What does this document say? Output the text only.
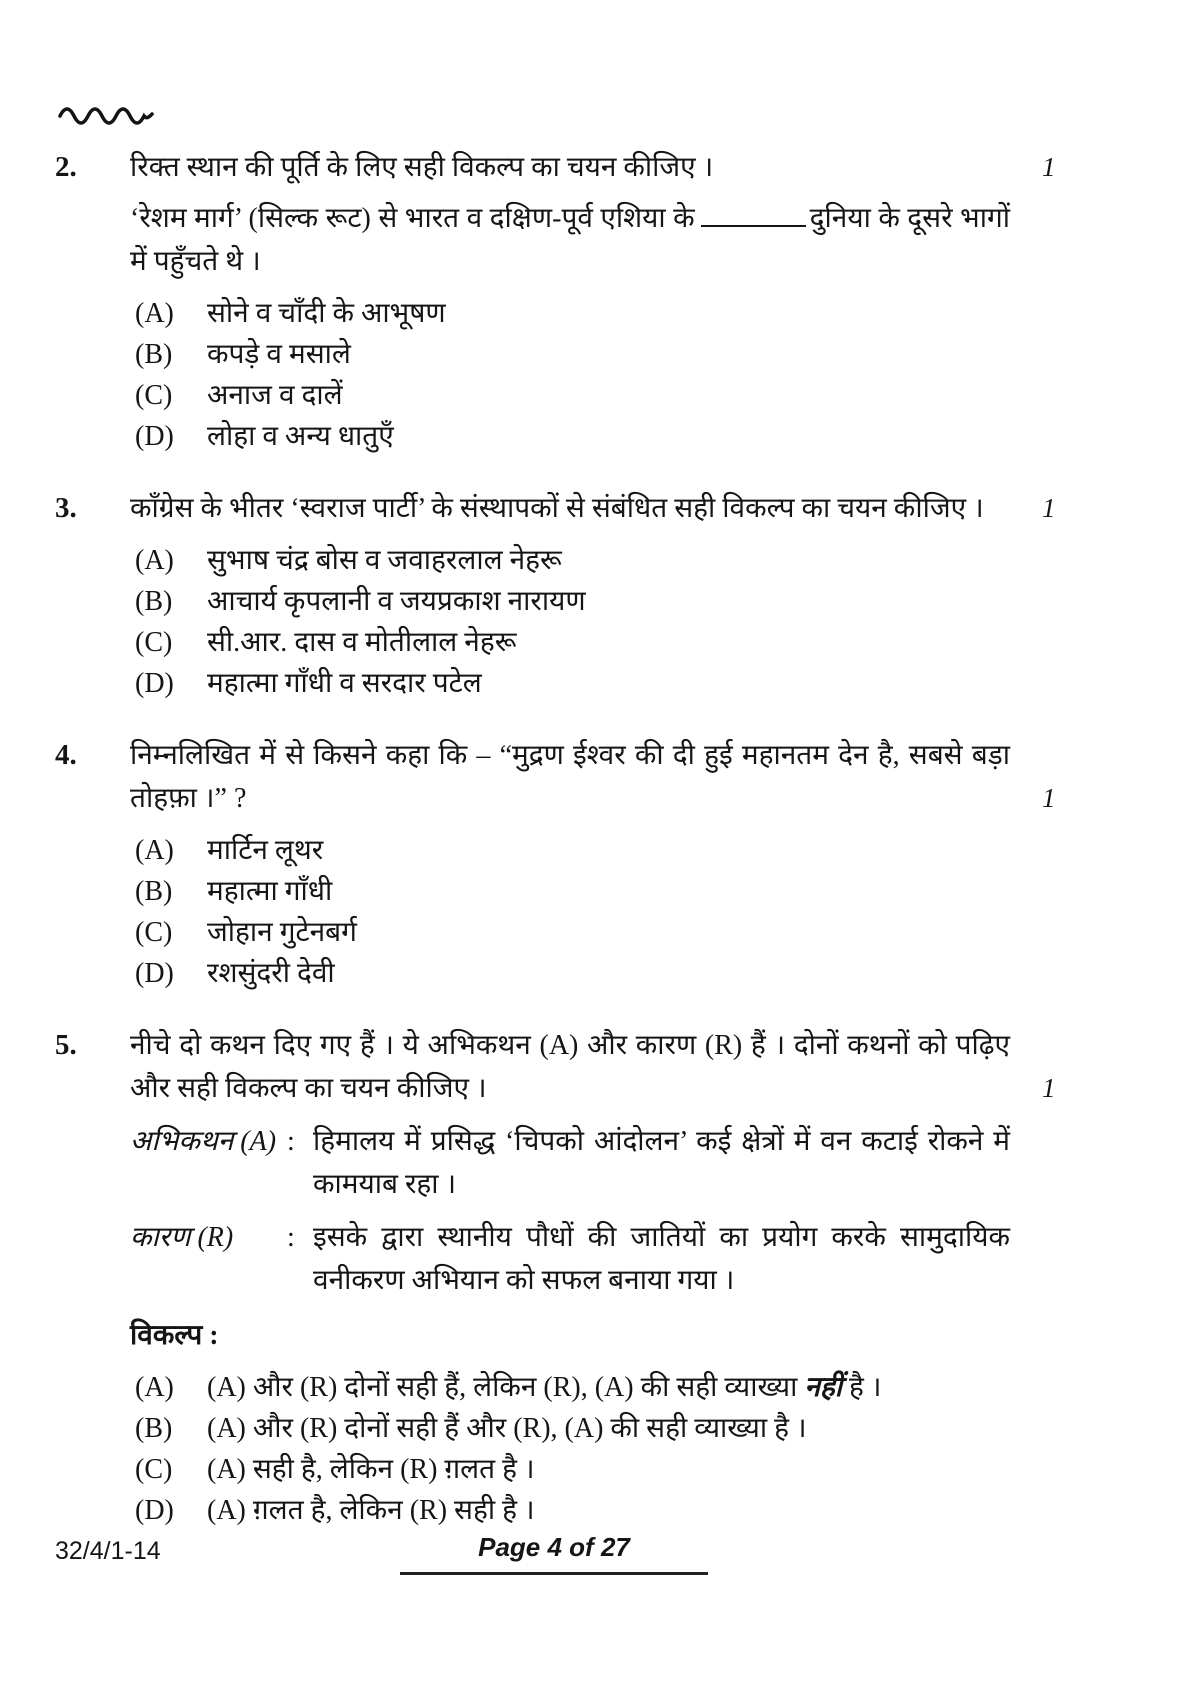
2.	रिक्त स्थान की पूर्ति के लिए सही विकल्प का चयन कीजिए ।

‘रेशम मार्ग’ (सिल्क रूट) से भारत व दक्षिण-पूर्व एशिया के	दुनिया के दूसरे भागों में पहुँचते थे ।

(A)	सोने व चाँदी के आभूषण
(B)	कपड़े व मसाले
(C)	अनाज व दालें
(D)	लोहा व अन्य धातुएँ
1
3.	काँग्रेस के भीतर ‘स्वराज पार्टी’ के संस्थापकों से संबंधित सही विकल्प का चयन कीजिए ।

(A)	सुभाष चंद्र बोस व जवाहरलाल नेहरू
(B)	आचार्य कृपलानी व जयप्रकाश नारायण
(C)	सी.आर. दास व मोतीलाल नेहरू
(D)	महात्मा गाँधी व सरदार पटेल
1
4.	निम्नलिखित में से किसने कहा कि – “मुद्रण ईश्वर की दी हुई महानतम देन है, सबसे बड़ा तोहफ़ा ।” ?

(A)	मार्टिन लूथर
(B)	महात्मा गाँधी
(C)	जोहान गुटेनबर्ग
(D)	रशसुंदरी देवी
1
5.	नीचे दो कथन दिए गए हैं । ये अभिकथन (A) और कारण (R) हैं । दोनों कथनों को पढ़िए और सही विकल्प का चयन कीजिए ।

अभिकथन (A) : हिमालय में प्रसिद्ध ‘चिपको आंदोलन’ कई क्षेत्रों में वन कटाई रोकने में कामयाब रहा ।
कारण (R)	: इसके द्वारा स्थानीय पौधों की जातियों का प्रयोग करके सामुदायिक वनीकरण अभियान को सफल बनाया गया ।
विकल्प :
(A)	(A) और (R) दोनों सही हैं, लेकिन (R), (A) की सही व्याख्या नहीं है ।
(B)	(A) और (R) दोनों सही हैं और (R), (A) की सही व्याख्या है ।
(C)	(A) सही है, लेकिन (R) ग़लत है ।
(D)	(A) ग़लत है, लेकिन (R) सही है ।
1
32/4/1-14	Page 4 of 27
